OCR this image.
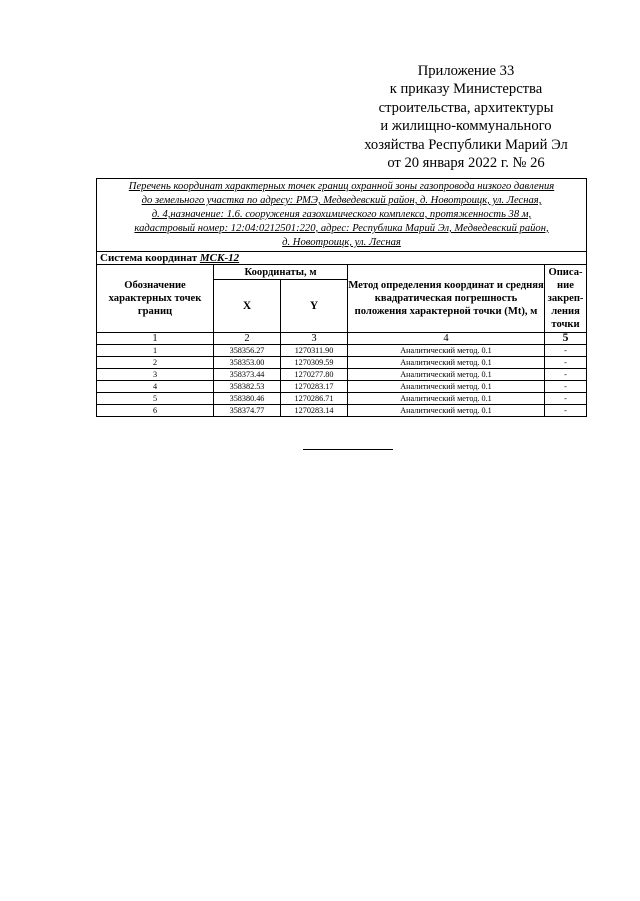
Приложение 33
к приказу Министерства
строительства, архитектуры
и жилищно-коммунального
хозяйства Республики Марий Эл
от 20 января 2022 г. № 26
Перечень координат характерных точек границ охранной зоны газопровода низкого давления
до земельного участка по адресу: РМЭ, Медведевский район, д. Новотроицк, ул. Лесная,
д. 4,назначение: 1.6. сооружения газохимического комплекса, протяженность 38 м,
кадастровый номер: 12:04:0212501:220, адрес: Республика Марий Эл, Медведевский район,
д. Новотроицк, ул. Лесная				

Система координат МСК-12				
Обозначение характерных точек границ	Координаты, м		Метод определения координат и средняя квадратическая погрешность положения характерной точки (Mt), м	Описа-ние закреп-ления точки
	X	Y		
1	2	3	4	5
1	358356.27	1270311.90	Аналитический метод. 0.1	-
2	358353.00	1270309.59	Аналитический метод. 0.1	-
3	358373.44	1270277.80	Аналитический метод. 0.1	-
4	358382.53	1270283.17	Аналитический метод. 0.1	-
5	358380.46	1270286.71	Аналитический метод. 0.1	-
6	358374.77	1270283.14	Аналитический метод. 0.1	-
